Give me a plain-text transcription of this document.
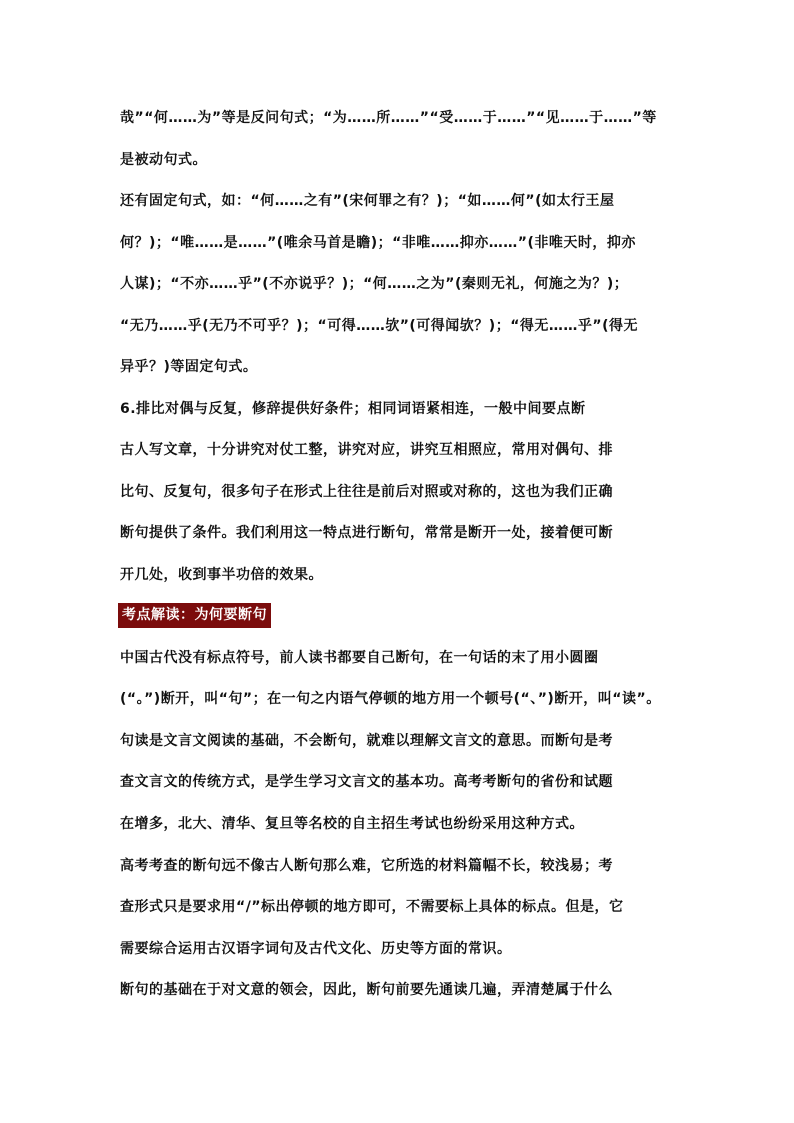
哉”“何……为”等是反问句式；“为……所……”“受……于……”“见……于……”等
是被动句式。
还有固定句式，如：“何……之有”(宋何罪之有？)；“如……何”(如太行王屋
何？)；“唯……是……”(唯余马首是瞻)；“非唯……抑亦……”(非唯天时，抑亦
人谋)；“不亦……乎”(不亦说乎？)；“何……之为”(秦则无礼，何施之为？)；
“无乃……乎(无乃不可乎？)；“可得……欤”(可得闻欤？)；“得无……乎”(得无
异乎？)等固定句式。
6.排比对偶与反复，修辞提供好条件；相同词语紧相连，一般中间要点断
古人写文章，十分讲究对仗工整，讲究对应，讲究互相照应，常用对偶句、排
比句、反复句，很多句子在形式上往往是前后对照或对称的，这也为我们正确
断句提供了条件。我们利用这一特点进行断句，常常是断开一处，接着便可断
开几处，收到事半功倍的效果。
考点解读：为何要断句
中国古代没有标点符号，前人读书都要自己断句，在一句话的末了用小圆圈
(“。”)断开，叫“句”；在一句之内语气停顿的地方用一个顿号(“、”)断开，叫“读”。
句读是文言文阅读的基础，不会断句，就难以理解文言文的意思。而断句是考
查文言文的传统方式，是学生学习文言文的基本功。高考考断句的省份和试题
在增多，北大、清华、复旦等名校的自主招生考试也纷纷采用这种方式。
高考考查的断句远不像古人断句那么难，它所选的材料篇幅不长，较浅易；考
查形式只是要求用“/”标出停顿的地方即可，不需要标上具体的标点。但是，它
需要综合运用古汉语字词句及古代文化、历史等方面的常识。
断句的基础在于对文意的领会，因此，断句前要先通读几遍，弄清楚属于什么
